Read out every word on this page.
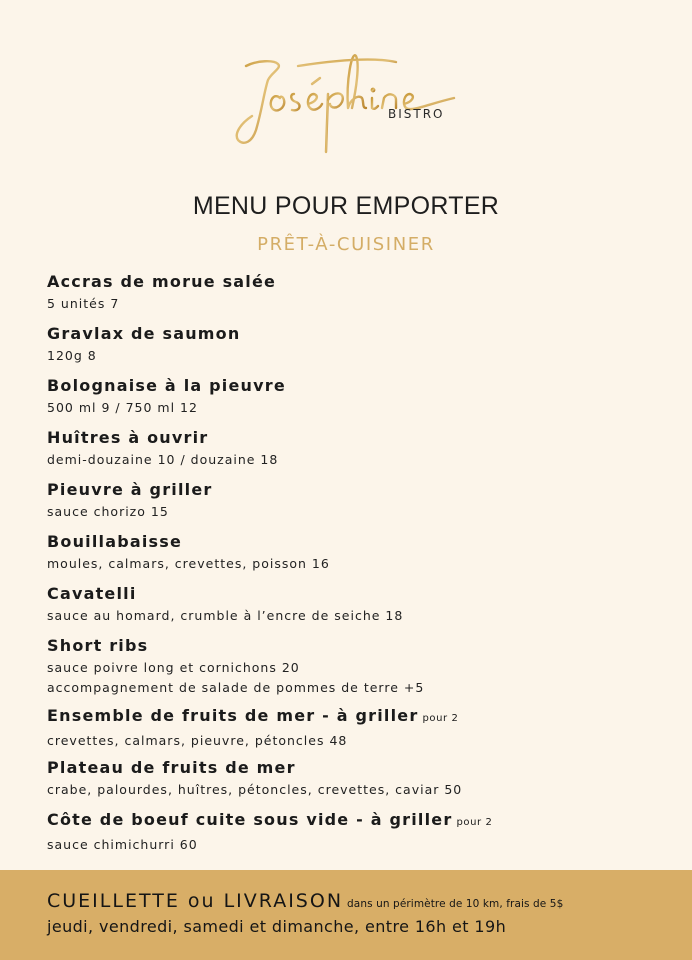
BISTRO
MENU POUR EMPORTER
PRÊT-À-CUISINER
Accras de morue salée
5 unités 7
Gravlax de saumon
120g 8
Bolognaise à la pieuvre
500 ml 9 / 750 ml 12
Huîtres à ouvrir
demi-douzaine 10 / douzaine 18
Pieuvre à griller
sauce chorizo 15
Bouillabaisse
moules, calmars, crevettes, poisson 16
Cavatelli
sauce au homard, crumble à l’encre de seiche 18
Short ribs
sauce poivre long et cornichons 20
accompagnement de salade de pommes de terre +5
Ensemble de fruits de mer - à griller pour 2
crevettes, calmars, pieuvre, pétoncles 48
Plateau de fruits de mer
crabe, palourdes, huîtres, pétoncles, crevettes, caviar 50
Côte de boeuf cuite sous vide - à griller pour 2
sauce chimichurri 60
CUEILLETTE ou LIVRAISON dans un périmètre de 10 km, frais de 5$
jeudi, vendredi, samedi et dimanche, entre 16h et 19h
